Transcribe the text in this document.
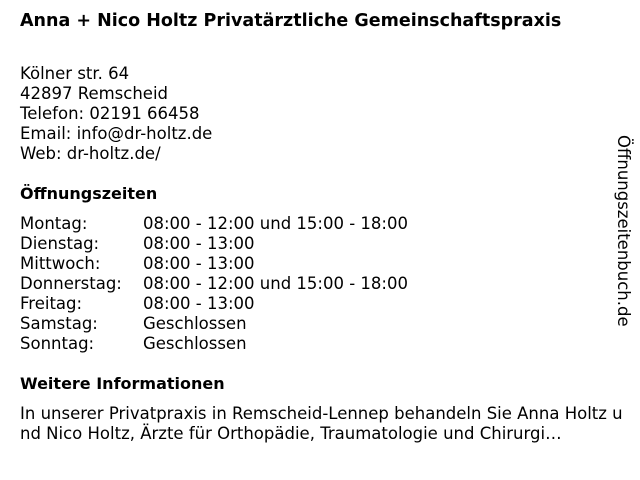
Anna + Nico Holtz Privatärztliche Gemeinschaftspraxis
Kölner str. 64
42897 Remscheid
Telefon: 02191 66458
Email: info@dr-holtz.de
Web: dr-holtz.de/
Öffnungszeiten
Montag:	08:00 - 12:00 und 15:00 - 18:00
Dienstag:	08:00 - 13:00
Mittwoch:	08:00 - 13:00
Donnerstag:	08:00 - 12:00 und 15:00 - 18:00
Freitag:	08:00 - 13:00
Samstag:	Geschlossen
Sonntag:	Geschlossen
Weitere Informationen
In unserer Privatpraxis in Remscheid-Lennep behandeln Sie Anna Holtz und Nico Holtz, Ärzte für Orthopädie, Traumatologie und Chirurgi…
Öffnungszeitenbuch.de
